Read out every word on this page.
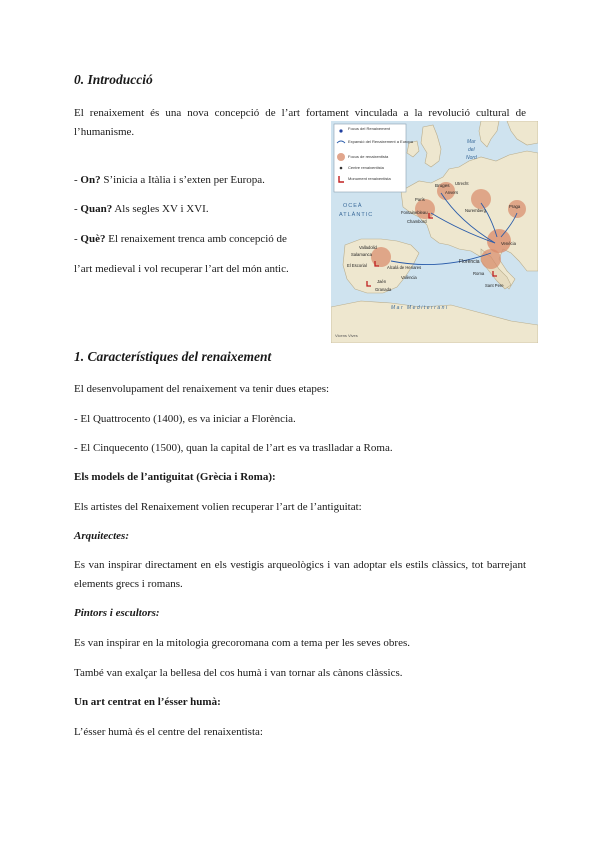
0. Introducció
El renaixement és una nova concepció de l’art fortament vinculada a la revolució cultural de l’humanisme.
- On? S’inicia a Itàlia i s’exten per Europa.
- Quan? Als segles XV i XVI.
- Què? El renaixement trenca amb concepció de
l’art medieval i vol recuperar l’art del món antic.
Focus del Renaixement
Expansió del Renaixement a Europa
Focus de renaixentista
Centre renaixentista
Monument renaixentista
Mar
del
Nord
OCEÀ
ATLÀNTIC
Mar Mediterrani
Bruges
Anvers
Utrecht
París
Fontainebleau
Chambord
Nuremberg
Praga
Venècia
Florència
Roma
Sant Pere
Valladolid
Salamanca
El Escorial	Alcalá de Henares
València
Jaén
Granada
Vicens Vives
1. Característiques del renaixement
El desenvolupament del renaixement va tenir dues etapes:
- El Quattrocento (1400), es va iniciar a Florència.
- El Cinquecento (1500), quan la capital de l’art es va traslladar a Roma.
Els models de l’antiguitat (Grècia i Roma):
Els artistes del Renaixement volien recuperar l’art de l’antiguitat:
Arquitectes:
Es van inspirar directament en els vestigis arqueològics i van adoptar els estils clàssics, tot barrejant elements grecs i romans.
Pintors i escultors:
Es van inspirar en la mitologia grecoromana com a tema per les seves obres.
També van exalçar la bellesa del cos humà i van tornar als cànons clàssics.
Un art centrat en l’ésser humà:
L’ésser humà és el centre del renaixentista:
